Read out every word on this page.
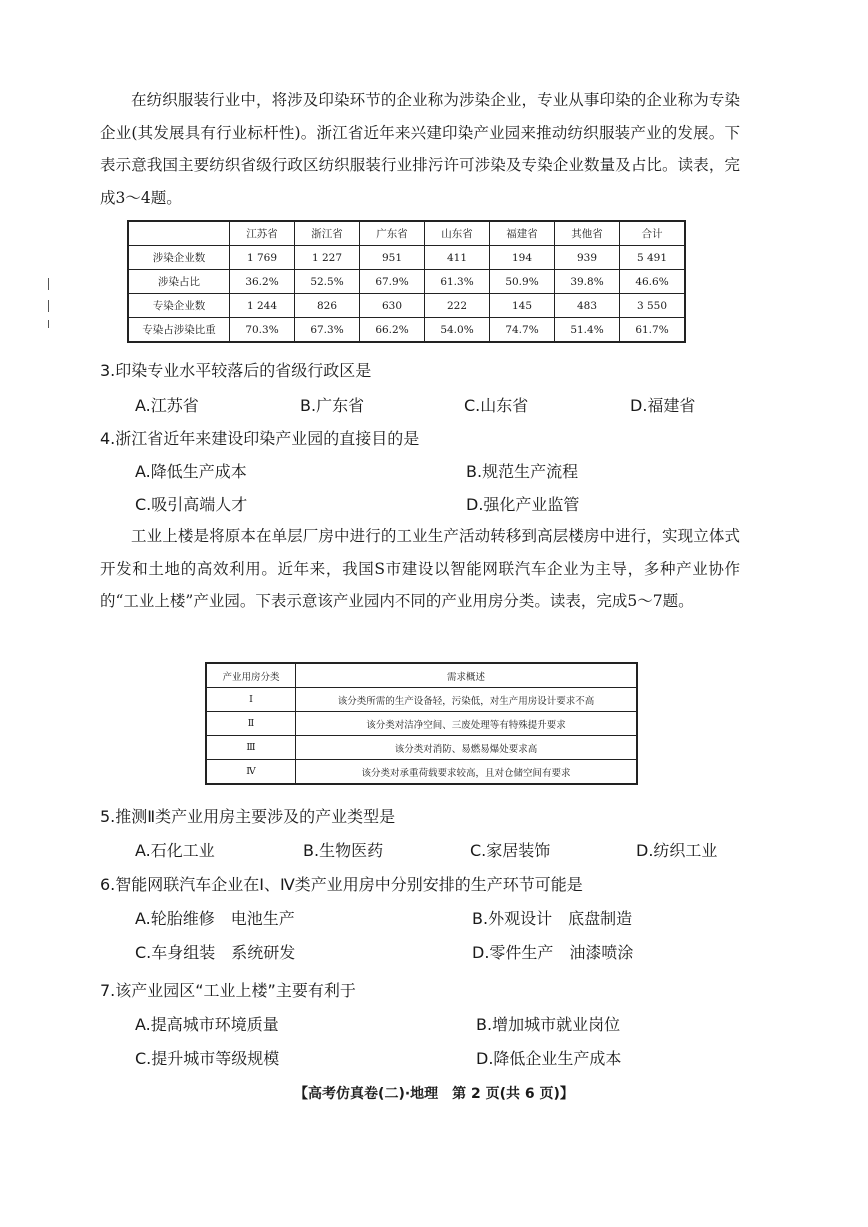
在纺织服装行业中，将涉及印染环节的企业称为涉染企业，专业从事印染的企业称为专染企业(其发展具有行业标杆性)。浙江省近年来兴建印染产业园来推动纺织服装产业的发展。下表示意我国主要纺织省级行政区纺织服装行业排污许可涉染及专染企业数量及占比。读表，完成3～4题。

	江苏省	浙江省	广东省	山东省	福建省	其他省	合计
涉染企业数	1 769	1 227	951	411	194	939	5 491
涉染占比	36.2%	52.5%	67.9%	61.3%	50.9%	39.8%	46.6%
专染企业数	1 244	826	630	222	145	483	3 550
专染占涉染比重	70.3%	67.3%	66.2%	54.0%	74.7%	51.4%	61.7%
3.印染专业水平较落后的省级行政区是
A.江苏省	B.广东省	C.山东省	D.福建省
4.浙江省近年来建设印染产业园的直接目的是
A.降低生产成本	B.规范生产流程
C.吸引高端人才	D.强化产业监管

工业上楼是将原本在单层厂房中进行的工业生产活动转移到高层楼房中进行，实现立体式开发和土地的高效利用。近年来，我国S市建设以智能网联汽车企业为主导，多种产业协作的“工业上楼”产业园。下表示意该产业园内不同的产业用房分类。读表，完成5～7题。

产业用房分类	需求概述
Ⅰ	该分类所需的生产设备轻，污染低，对生产用房设计要求不高
Ⅱ	该分类对洁净空间、三废处理等有特殊提升要求
Ⅲ	该分类对消防、易燃易爆处要求高
Ⅳ	该分类对承重荷载要求较高，且对仓储空间有要求
5.推测Ⅱ类产业用房主要涉及的产业类型是
A.石化工业	B.生物医药	C.家居装饰	D.纺织工业
6.智能网联汽车企业在Ⅰ、Ⅳ类产业用房中分别安排的生产环节可能是
A.轮胎维修　电池生产	B.外观设计　底盘制造
C.车身组装　系统研发	D.零件生产　油漆喷涂
7.该产业园区“工业上楼”主要有利于
A.提高城市环境质量	B.增加城市就业岗位
C.提升城市等级规模	D.降低企业生产成本
【高考仿真卷(二)·地理　第 2 页(共 6 页)】
